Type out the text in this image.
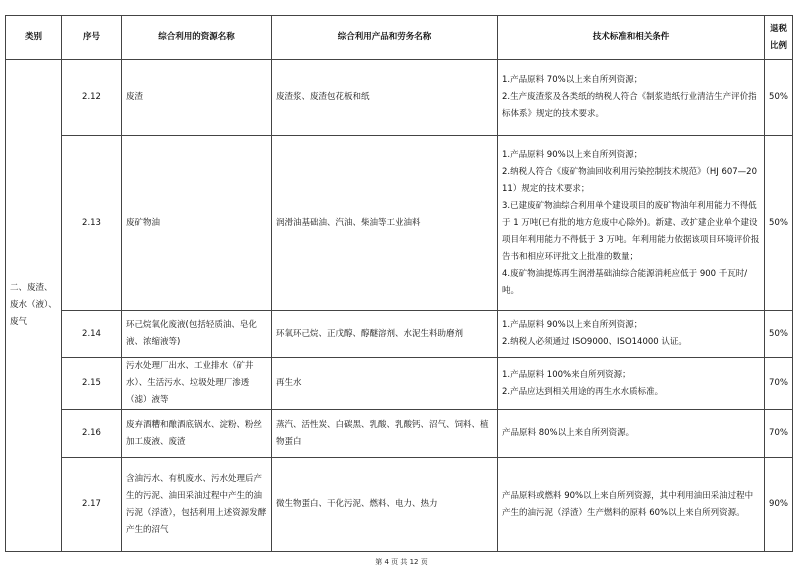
类别	序号	综合利用的资源名称	综合利用产品和劳务名称	技术标准和相关条件	退税
比例
二、废渣、废水（液）、废气	2.12	废渣	废渣浆、废渣包花板和纸	1.产品原料 70%以上来自所列资源；
2.生产废渣浆及各类纸的纳税人符合《制浆造纸行业清洁生产评价指标体系》规定的技术要求。	50%
	2.13	废矿物油	润滑油基础油、汽油、柴油等工业油料	1.产品原料 90%以上来自所列资源；
2.纳税人符合《废矿物油回收利用污染控制技术规范》（HJ 607—2011）规定的技术要求；
3.已建废矿物油综合利用单个建设项目的废矿物油年利用能力不得低于 1 万吨(已有批的地方危废中心除外)。新建、改扩建企业单个建设项目年利用能力不得低于 3 万吨。年利用能力依据该项目环境评价报告书和相应环评批文上批准的数量；
4.废矿物油提炼再生润滑基础油综合能源消耗应低于 900 千瓦时/吨。	50%
	2.14	环己烷氧化废液(包括轻质油、皂化液、浓缩液等)	环氧环己烷、正戊醇、醇醚溶剂、水泥生料助磨剂	1.产品原料 90%以上来自所列资源；
2.纳税人必须通过 ISO9000、ISO14000 认证。	50%
	2.15	污水处理厂出水、工业排水（矿井水）、生活污水、垃圾处理厂渗透（滤）液等	再生水	1.产品原料 100%来自所列资源；
2.产品应达到相关用途的再生水水质标准。	70%
	2.16	废弃酒糟和酿酒底锅水、淀粉、粉丝加工废液、废渣	蒸汽、活性炭、白碳黑、乳酸、乳酸钙、沼气、饲料、植物蛋白	产品原料 80%以上来自所列资源。	70%
	2.17	含油污水、有机废水、污水处理后产生的污泥、油田采油过程中产生的油污泥（浮渣），包括利用上述资源发酵产生的沼气	微生物蛋白、干化污泥、燃料、电力、热力	产品原料或燃料 90%以上来自所列资源，其中利用油田采油过程中产生的油污泥（浮渣）生产燃料的原料 60%以上来自所列资源。	90%
第 4 页 共 12 页
